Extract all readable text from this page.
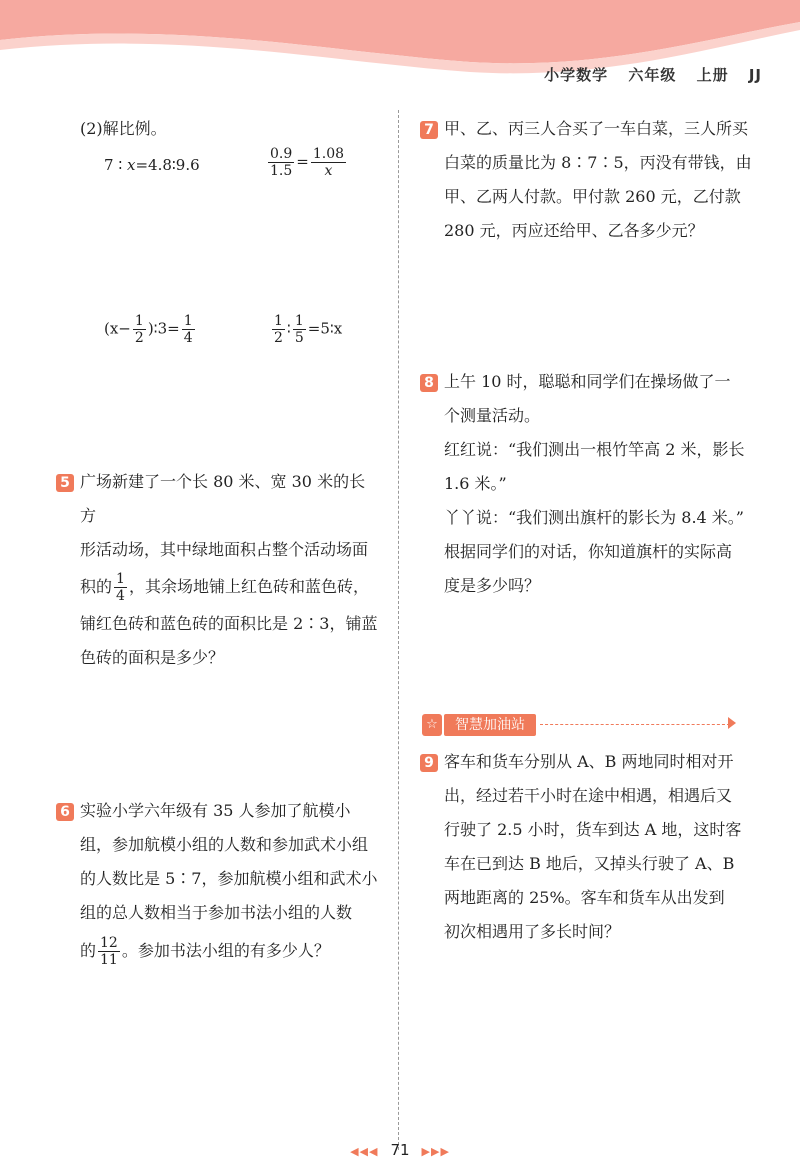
小学数学 六年级 上册 JJ
(2)解比例。
7 ∶ x=4.8∶9.6	$\frac{0.9}{1.5} = \frac{1.08}{x}$
($x- \frac{1}{2}$ )∶3= $\frac{1}{4}$	$\frac{1}{2}$ ∶ $\frac{1}{5}$ =5∶x
5 广场新建了一个长 80 米、宽 30 米的长方
形活动场，其中绿地面积占整个活动场面
积的 $\frac{1}{4}$ ，其余场地铺上红色砖和蓝色砖，
铺红色砖和蓝色砖的面积比是 2∶3，铺蓝
色砖的面积是多少？
6 实验小学六年级有 35 人参加了航模小
组，参加航模小组的人数和参加武术小组
的人数比是 5∶7，参加航模小组和武术小
组的总人数相当于参加书法小组的人数
的 $\frac{12}{11}$ 。参加书法小组的有多少人？
7 甲、乙、丙三人合买了一车白菜，三人所买
白菜的质量比为 8∶7∶5，丙没有带钱，由
甲、乙两人付款。甲付款 260 元，乙付款
280 元，丙应还给甲、乙各多少元？
8 上午 10 时，聪聪和同学们在操场做了一
个测量活动。
红红说：“我们测出一根竹竿高 2 米，影长
1.6 米。”
丫丫说：“我们测出旗杆的影长为 8.4 米。”
根据同学们的对话，你知道旗杆的实际高
度是多少吗？
☆	智慧加油站
9 客车和货车分别从 A、B 两地同时相对开
出，经过若干小时在途中相遇，相遇后又
行驶了 2.5 小时，货车到达 A 地，这时客
车在已到达 B 地后，又掉头行驶了 A、B
两地距离的 25%。客车和货车从出发到
初次相遇用了多长时间？
◀◀◀ 71 ▶▶▶
